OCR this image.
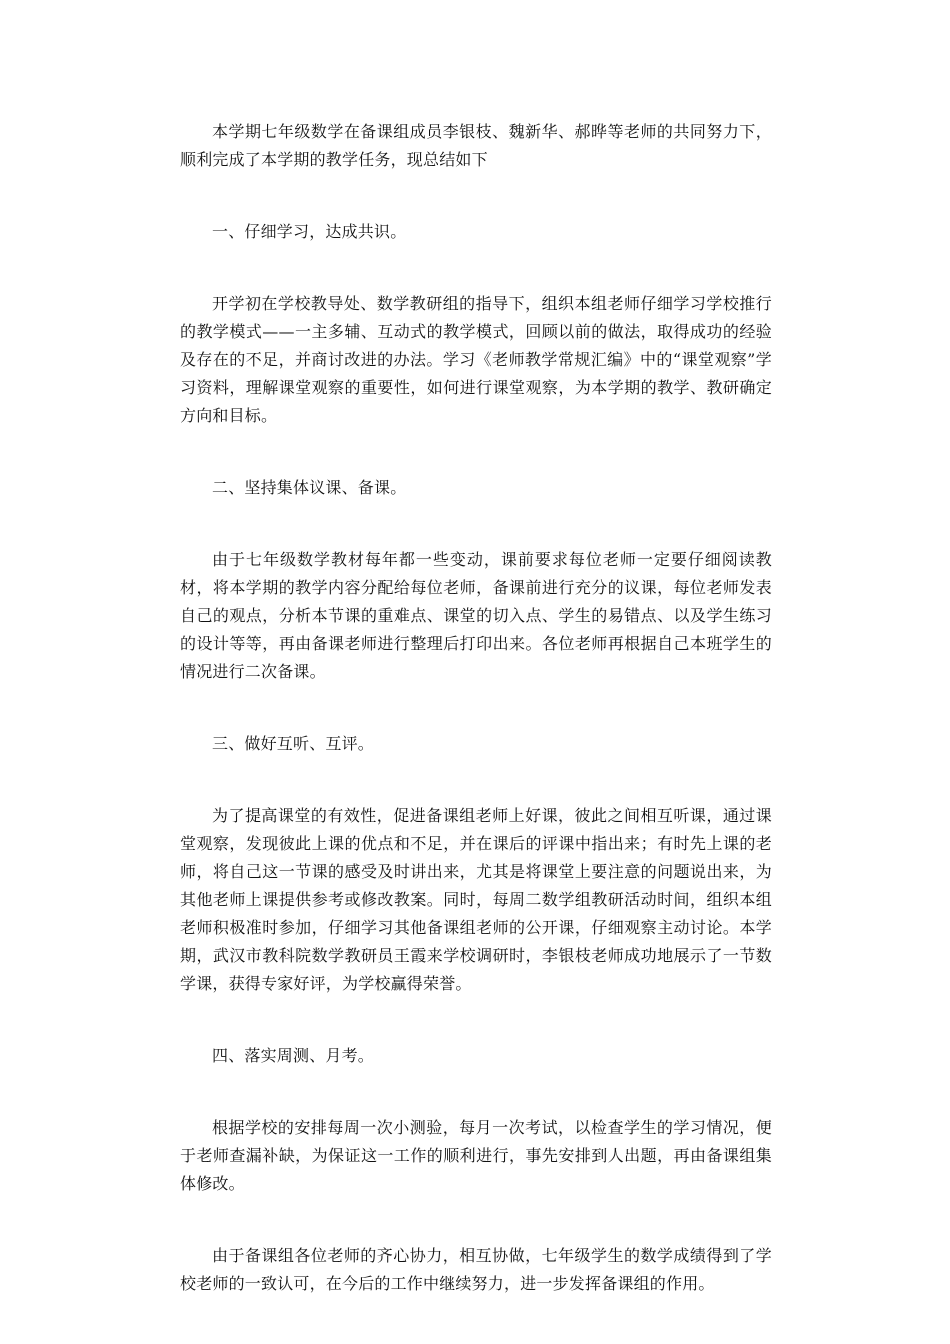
本学期七年级数学在备课组成员李银枝、魏新华、郝晔等老师的共同努力下，顺利完成了本学期的教学任务，现总结如下

一、仔细学习，达成共识。

开学初在学校教导处、数学教研组的指导下，组织本组老师仔细学习学校推行的教学模式——一主多辅、互动式的教学模式，回顾以前的做法，取得成功的经验及存在的不足，并商讨改进的办法。学习《老师教学常规汇编》中的“课堂观察”学习资料，理解课堂观察的重要性，如何进行课堂观察，为本学期的教学、教研确定方向和目标。

二、坚持集体议课、备课。

由于七年级数学教材每年都一些变动，课前要求每位老师一定要仔细阅读教材，将本学期的教学内容分配给每位老师，备课前进行充分的议课，每位老师发表自己的观点，分析本节课的重难点、课堂的切入点、学生的易错点、以及学生练习的设计等等，再由备课老师进行整理后打印出来。各位老师再根据自己本班学生的情况进行二次备课。

三、做好互听、互评。

为了提高课堂的有效性，促进备课组老师上好课，彼此之间相互听课，通过课堂观察，发现彼此上课的优点和不足，并在课后的评课中指出来；有时先上课的老师，将自己这一节课的感受及时讲出来，尤其是将课堂上要注意的问题说出来，为其他老师上课提供参考或修改教案。同时，每周二数学组教研活动时间，组织本组老师积极准时参加，仔细学习其他备课组老师的公开课，仔细观察主动讨论。本学期，武汉市教科院数学教研员王霞来学校调研时，李银枝老师成功地展示了一节数学课，获得专家好评，为学校赢得荣誉。

四、落实周测、月考。

根据学校的安排每周一次小测验，每月一次考试，以检查学生的学习情况，便于老师查漏补缺，为保证这一工作的顺利进行，事先安排到人出题，再由备课组集体修改。

由于备课组各位老师的齐心协力，相互协做，七年级学生的数学成绩得到了学校老师的一致认可，在今后的工作中继续努力，进一步发挥备课组的作用。
